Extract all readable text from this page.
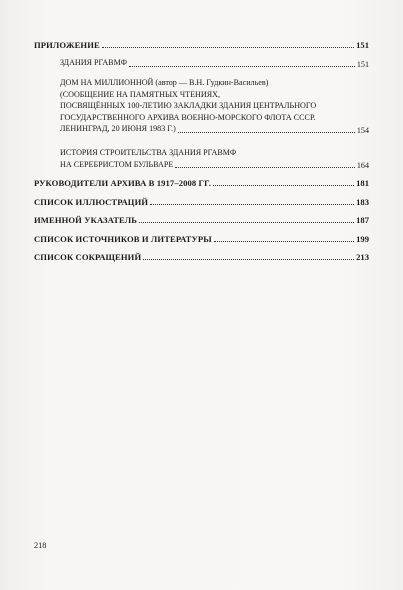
ПРИЛОЖЕНИЕ	151
ЗДАНИЯ РГАВМФ	151
ДОМ НА МИЛЛИОННОЙ (автор — В.Н. Гудкин-Васильев)
(СООБЩЕНИЕ НА ПАМЯТНЫХ ЧТЕНИЯХ,
ПОСВЯЩЁННЫХ 100-ЛЕТИЮ ЗАКЛАДКИ ЗДАНИЯ ЦЕНТРАЛЬНОГО
ГОСУДАРСТВЕННОГО АРХИВА ВОЕННО-МОРСКОГО ФЛОТА СССР.
ЛЕНИНГРАД, 20 ИЮНЯ 1983 Г.)	154
ИСТОРИЯ СТРОИТЕЛЬСТВА ЗДАНИЯ РГАВМФ
НА СЕРЕБРИСТОМ БУЛЬВАРЕ	164
РУКОВОДИТЕЛИ АРХИВА В 1917–2008 ГГ.	181
СПИСОК ИЛЛЮСТРАЦИЙ	183
ИМЕННОЙ УКАЗАТЕЛЬ	187
СПИСОК ИСТОЧНИКОВ И ЛИТЕРАТУРЫ	199
СПИСОК СОКРАЩЕНИЙ	213
218
